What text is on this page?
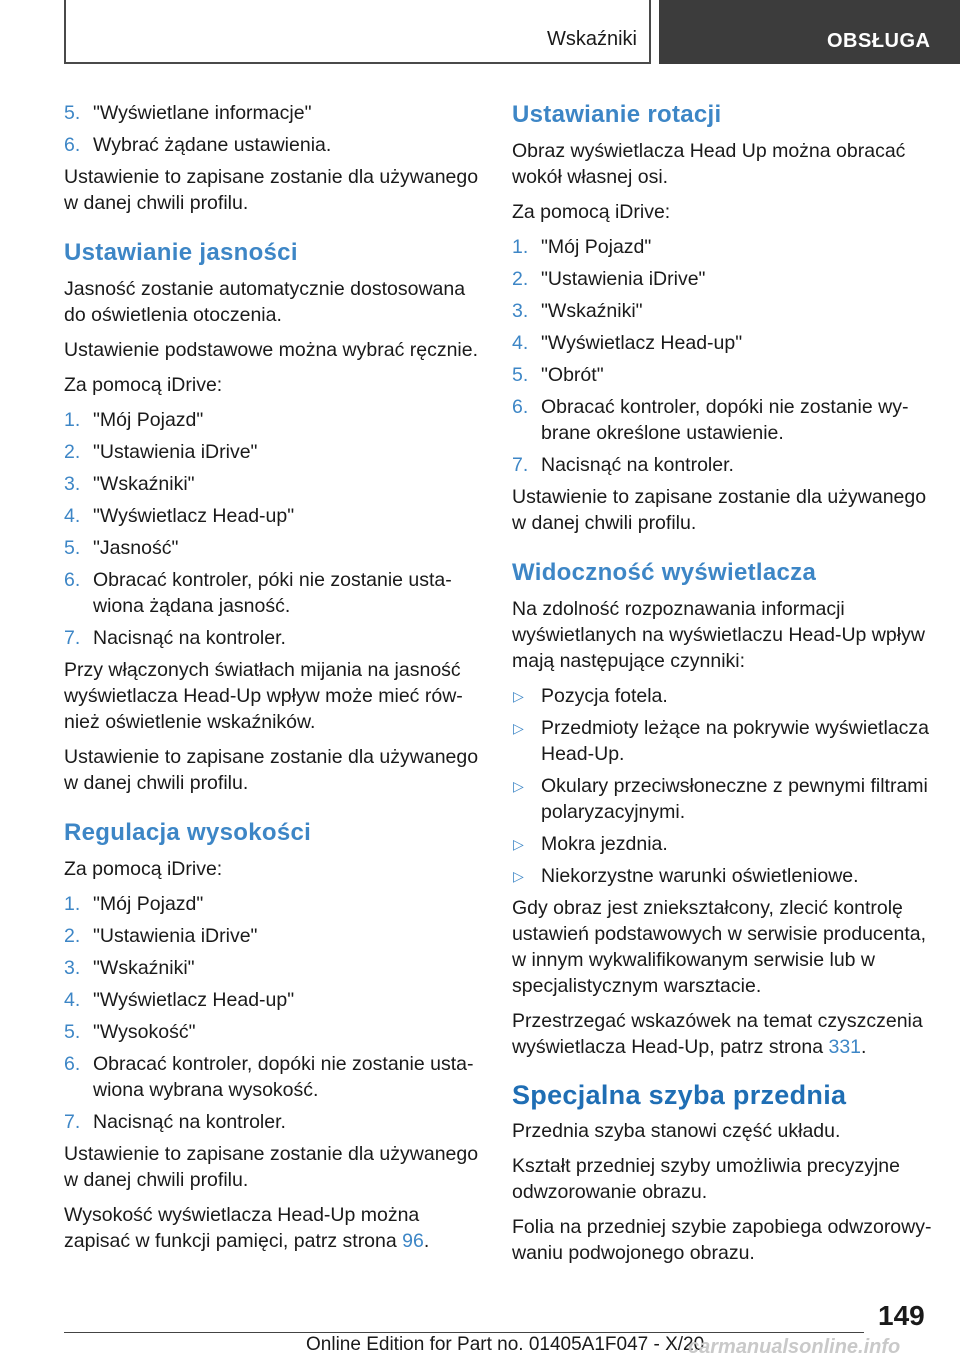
Wskaźniki	OBSŁUGA
5. "Wyświetlane informacje"
6. Wybrać żądane ustawienia.

Ustawienie to zapisane zostanie dla używanego w danej chwili profilu.

Ustawianie jasności

Jasność zostanie automatycznie dostosowana do oświetlenia otoczenia.

Ustawienie podstawowe można wybrać ręcznie.

Za pomocą iDrive:

1. "Mój Pojazd"
2. "Ustawienia iDrive"
3. "Wskaźniki"
4. "Wyświetlacz Head-up"
5. "Jasność"
6. Obracać kontroler, póki nie zostanie ustawiona żądana jasność.
7. Nacisnąć na kontroler.

Przy włączonych światłach mijania na jasność wyświetlacza Head-Up wpływ może mieć również oświetlenie wskaźników.

Ustawienie to zapisane zostanie dla używanego w danej chwili profilu.

Regulacja wysokości

Za pomocą iDrive:

1. "Mój Pojazd"
2. "Ustawienia iDrive"
3. "Wskaźniki"
4. "Wyświetlacz Head-up"
5. "Wysokość"
6. Obracać kontroler, dopóki nie zostanie ustawiona wybrana wysokość.
7. Nacisnąć na kontroler.

Ustawienie to zapisane zostanie dla używanego w danej chwili profilu.

Wysokość wyświetlacza Head-Up można zapisać w funkcji pamięci, patrz strona 96.

Ustawianie rotacji

Obraz wyświetlacza Head Up można obracać wokół własnej osi.

Za pomocą iDrive:

1. "Mój Pojazd"
2. "Ustawienia iDrive"
3. "Wskaźniki"
4. "Wyświetlacz Head-up"
5. "Obrót"
6. Obracać kontroler, dopóki nie zostanie wybrane określone ustawienie.
7. Nacisnąć na kontroler.

Ustawienie to zapisane zostanie dla używanego w danej chwili profilu.

Widoczność wyświetlacza

Na zdolność rozpoznawania informacji wyświetlanych na wyświetlaczu Head-Up wpływ mają następujące czynniki:

▷ Pozycja fotela.
▷ Przedmioty leżące na pokrywie wyświetlacza Head-Up.
▷ Okulary przeciwsłoneczne z pewnymi filtrami polaryzacyjnymi.
▷ Mokra jezdnia.
▷ Niekorzystne warunki oświetleniowe.

Gdy obraz jest zniekształcony, zlecić kontrolę ustawień podstawowych w serwisie producenta, w innym wykwalifikowanym serwisie lub w specjalistycznym warsztacie.

Przestrzegać wskazówek na temat czyszczenia wyświetlacza Head-Up, patrz strona 331.

Specjalna szyba przednia

Przednia szyba stanowi część układu.

Kształt przedniej szyby umożliwia precyzyjne odwzorowanie obrazu.

Folia na przedniej szybie zapobiega odwzorowywaniu podwojonego obrazu.

149
Online Edition for Part no. 01405A1F047 - X/20
carmanualsonline.info
